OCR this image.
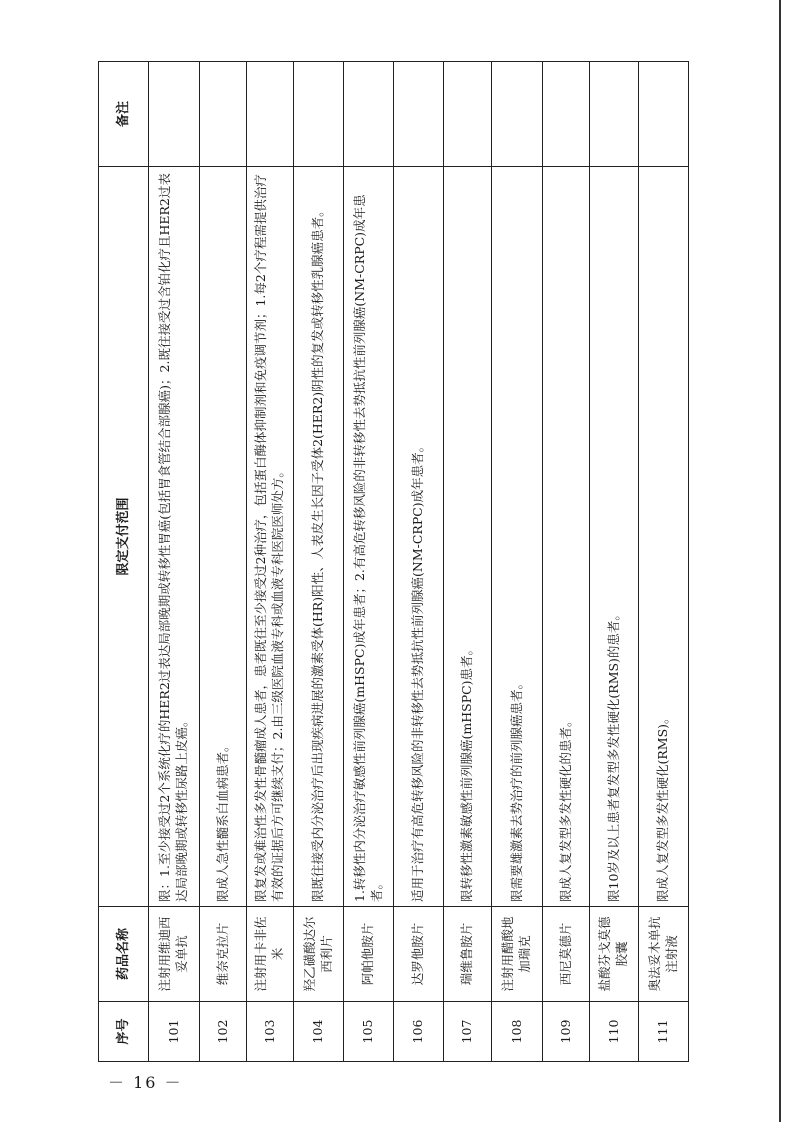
序号	药品名称	限定支付范围	备注
101	注射用维迪西妥单抗	限：1.至少接受过2个系统化疗的HER2过表达局部晚期或转移性胃癌(包括胃食管结合部腺癌)；2.既往接受过含铂化疗且HER2过表达局部晚期或转移性尿路上皮癌。	
102	维奈克拉片	限成人急性髓系白血病患者。	
103	注射用卡非佐米	限复发或难治性多发性骨髓瘤成人患者，患者既往至少接受过2种治疗，包括蛋白酶体抑制剂和免疫调节剂；1.每2个疗程需提供治疗有效的证据后方可继续支付；2.由三级医院血液专科或血液专科医院医师处方。	
104	羟乙磺酸达尔西利片	限既往接受内分泌治疗后出现疾病进展的激素受体(HR)阳性、人表皮生长因子受体2(HER2)阴性的复发或转移性乳腺癌患者。	
105	阿帕他胺片	1.转移性内分泌治疗敏感性前列腺癌(mHSPC)成年患者；2.有高危转移风险的非转移性去势抵抗性前列腺癌(NM-CRPC)成年患者。	
106	达罗他胺片	适用于治疗有高危转移风险的非转移性去势抵抗性前列腺癌(NM-CRPC)成年患者。	
107	瑞维鲁胺片	限转移性激素敏感性前列腺癌(mHSPC)患者。	
108	注射用醋酸地加瑞克	限需要雄激素去势治疗的前列腺癌患者。	
109	西尼莫德片	限成人复发型多发性硬化的患者。	
110	盐酸芬戈莫德胶囊	限10岁及以上患者复发型多发性硬化(RMS)的患者。	
111	奥法妥木单抗注射液	限成人复发型多发性硬化(RMS)。	
－ 16 －
